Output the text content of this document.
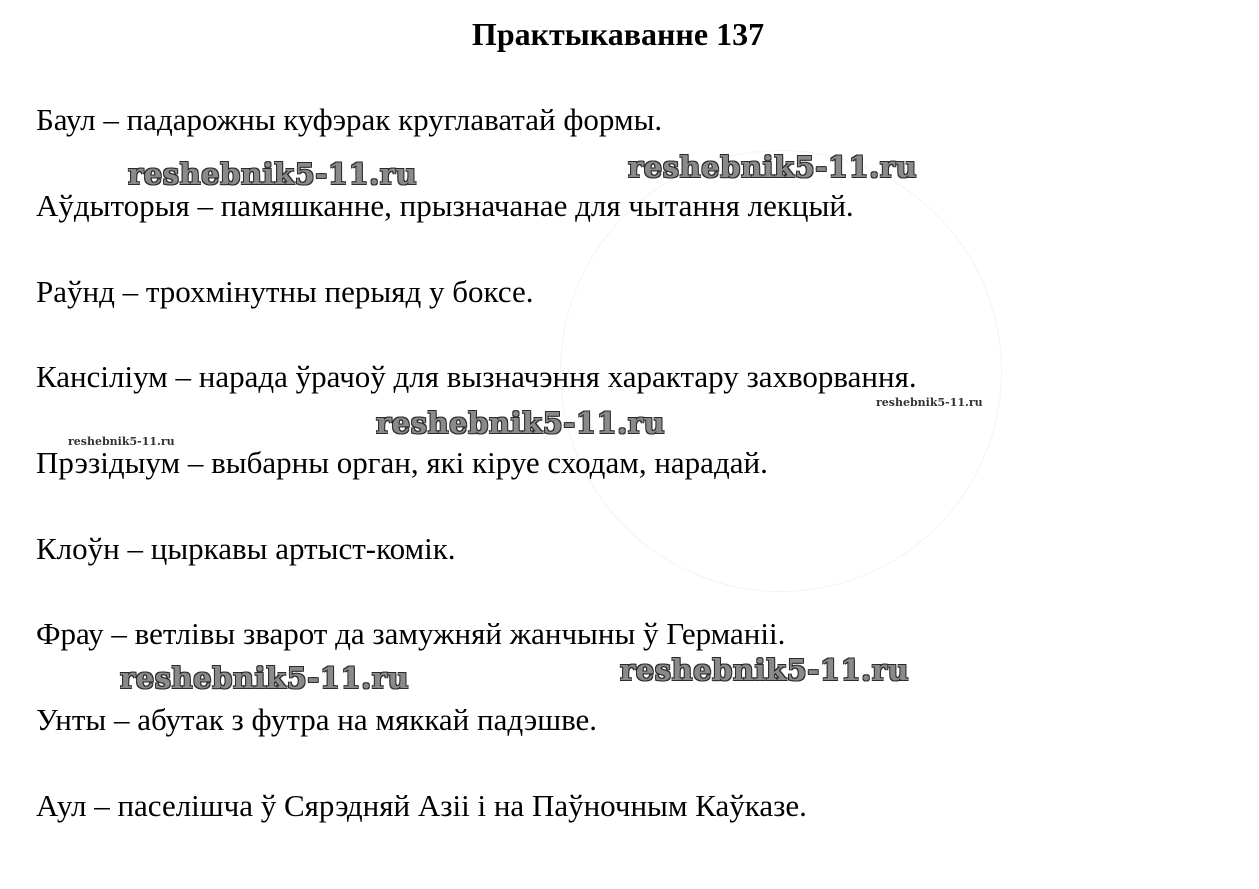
Практыкаванне 137

Баул – падарожны куфэрак круглаватай формы.

Аўдыторыя – памяшканне, прызначанае для чытання лекцый.

Раўнд – трохмінутны перыяд у боксе.

Кансіліум – нарада ўрачоў для вызначэння характару захворвання.

Прэзідыум – выбарны орган, які кіруе сходам, нарадай.

Клоўн – цыркавы артыст-комік.

Фрау – ветлівы зварот да замужняй жанчыны ў Германіі.

Унты – абутак з футра на мяккай падэшве.

Аул – паселішча ў Сярэдняй Азіі і на Паўночным Каўказе.

reshebnik5-11.ru	reshebnik5-11.ru
reshebnik5-11.ru
reshebnik5-11.ru
reshebnik5-11.ru
reshebnik5-11.ru	reshebnik5-11.ru
